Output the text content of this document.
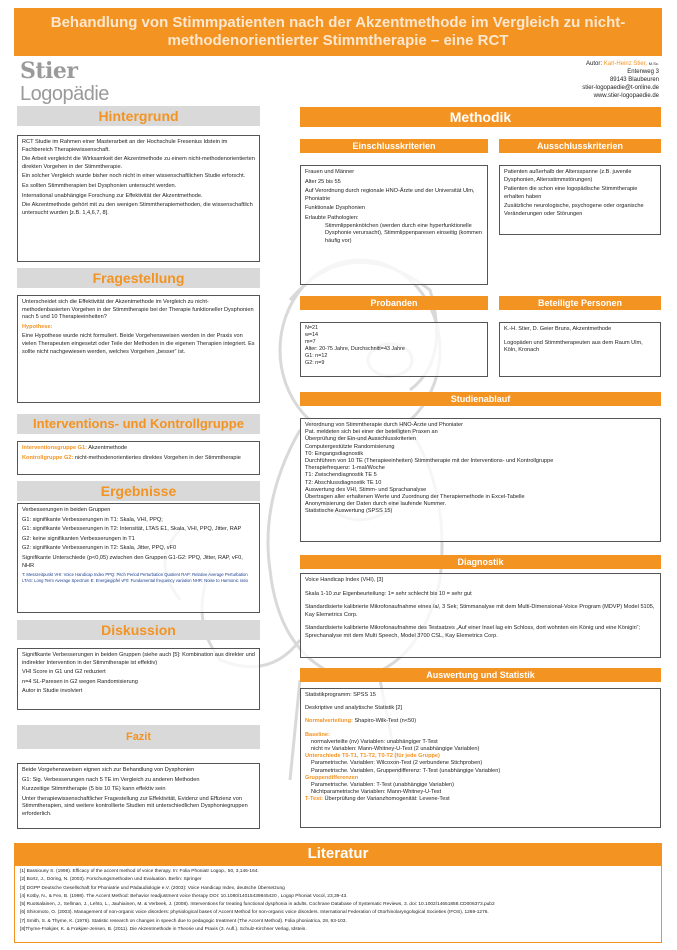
Behandlung von Stimmpatienten nach der Akzentmethode im Vergleich zu nicht-
methodenorientierter Stimmtherapie – eine RCT
Stier
Logopädie
Autor: Karl-Heinz Stier, M.Sc.
Entenweg 3
89143 Blaubeuren
stier-logopaedie@t-online.de
www.stier-logopaedie.de
Hintergrund

RCT Studie im Rahmen einer Masterarbeit an der Hochschule Fresenius Idstein im Fachbereich Therapiewissenschaft.

Die Arbeit vergleicht die Wirksamkeit der Akzentmethode zu einem nicht-methodenorientierten direkten Vorgehen in der Stimmtherapie.

Ein solcher Vergleich wurde bisher noch nicht in einer wissenschaftlichen Studie erforscht.

Es sollten Stimmtherapien bei Dysphonien untersucht werden.

International unabhängige Forschung zur Effektivität der Akzentmethode.

Die Akzentmethode gehört mit zu den wenigen Stimmtherapiemethoden, die wissenschaftlich untersucht wurden [z.B. 1,4,6,7, 8].

Fragestellung

Unterscheidet sich die Effektivität der Akzentmethode im Vergleich zu nicht-methodenbasierten Vorgehen in der Stimmtherapie bei der Therapie funktioneller Dysphonien nach 5 und 10 Therapieeinheiten?

Hypothese:

Eine Hypothese wurde nicht formuliert. Beide Vorgehensweisen werden in der Praxis von vielen Therapeuten eingesetzt oder Teile der Methoden in die eigenen Therapien integriert. Es sollte nicht nachgewiesen werden, welches Vorgehen „besser“ ist.

Interventions- und Kontrollgruppe

Interventionsgruppe G1: Akzentmethode

Kontrollgruppe G2: nicht-methodenorientiertes direktes Vorgehen in der Stimmtherapie

Ergebnisse

Verbesserungen in beiden Gruppen

G1: signifikante Verbesserungen in T1: Skala, VHI, PPQ;

G1: signifikante Verbesserungen in T2: Intensität, LTAS E1, Skala, VHI, PPQ, Jitter, RAP

G2: keine signifikanten Verbesserungen in T1

G2: signifikante Verbesserungen in T2: Skala, Jitter, PPQ, vF0

Signifikante Unterschiede (p<0,05) zwischen den Gruppen G1-G2: PPQ, Jitter, RAP, vF0, NHR

T: Messzeitpunkt VHI: Voice Handicap Index PPQ: Pitch Period Perturbation Quotient RAP: Relative Average Perturbation LTAS: Long Term Average Spectrum E: Energiegipfel vF0: Fundamental frequency variation NHR: Noise to Harmonic ratio

Diskussion

Signifikante Verbesserungen in beiden Gruppen (siehe auch [5]: Kombination aus direkter und indirekter Intervention in der Stimmtherapie ist effektiv)

VHI Score in G1 und G2 reduziert

n=4 SL-Paresen in G2 wegen Randomisierung

Autor in Studie involviert

Fazit

Beide Vorgehensweisen eignen sich zur Behandlung von Dysphonien

G1: Sig. Verbesserungen nach 5 TE im Vergleich zu anderen Methoden

Kurzzeitige Stimmtherapie (5 bis 10 TE) kann effektiv sein

Unter therapiewissenschaftlicher Fragestellung zur Effektivität, Evidenz und Effizienz von Stimmtherapien, sind weitere kontrollierte Studien mit unterschiedlichen Dysphoniegruppen erforderlich.

Methodik
Einschlusskriterien

Frauen und Männer

Alter 25 bis 55

Auf Verordnung durch regionale HNO-Ärzte und der Universität Ulm, Phoniatrie

Funktionale Dysphonien

Erlaubte Pathologien:

Stimmlippenknötchen (werden durch eine hyperfunktionelle Dysphonie verursacht), Stimmlippenparesen einseitig (kommen häufig vor)

Ausschlusskriterien

Patienten außerhalb der Altersspanne (z.B. juvenile Dysphonien, Altersstimmstörungen)

Patienten die schon eine logopädische Stimmtherapie erhalten haben

Zusätzliche neurologische, psychogene oder organische Veränderungen oder Störungen

Probanden
N=21
w=14
m=7
Alter: 20-75 Jahre, Durchschnitt=43 Jahre
G1: n=12
G2: n=9
Beteiligte Personen

K.-H. Stier, D. Geier Bruns, Akzentmethode

Logopäden und Stimmtherapeuten aus dem Raum Ulm, Köln, Kronach

Studienablauf
Verordnung von Stimmtherapie durch HNO-Ärzte und Phoniater
Pat. meldeten sich bei einer der beteiligten Praxen an
Überprüfung der Ein-und Ausschlusskriterien
Computergestützte Randomisierung
T0: Eingangsdiagnostik
Durchführen von 10 TE (Therapieeinheiten) Stimmtherapie mit der Interventions- und Kontrollgruppe
Therapiefrequenz: 1-mal/Woche
T1: Zwischendiagnostik TE 5
T2: Abschlussdiagnostik TE 10
Auswertung des VHI, Stimm- und Sprachanalyse
Übertragen aller erhaltenen Werte und Zuordnung der Therapiemethode in Excel-Tabelle
Anonymisierung der Daten durch eine laufende Nummer.
Statistische Auswertung (SPSS 15)
Diagnostik

Voice Handicap Index (VHI), [3]

Skala 1-10 zur Eigenbeurteilung: 1= sehr schlecht bis 10 = sehr gut

Standardisierte kalibrierte Mikrofonaufnahme eines /a/, 3 Sek; Stimmanalyse mit dem Multi-Dimensional-Voice Program (MDVP) Model 5105, Kay Elemetrics Corp.

Standardisierte kalibrierte Mikrofonaufnahme des Testsatzes „Auf einer Insel lag ein Schloss, dort wohnten ein König und eine Königin“; Sprechanalyse mit dem Multi Speech, Model 3700 CSL, Kay Elemetrics Corp.

Auswertung und Statistik

Statistikprogramm: SPSS 15

Deskriptive und analytische Statistik [2]

Normalverteilung: Shapiro-Wilk-Test (n<50)

Baseline:
normalverteilte (nv) Variablen: unabhängiger T-Test
nicht nv Variablen: Mann-Whitney-U-Test (2 unabhängige Variablen)
Unterschiede T0-T1, T1-T2, T0-T2 (für jede Gruppe)
Parametrische. Variablen: Wilcoxon-Test (2 verbundene Stichproben)
Parametrische. Variablen, Gruppendifferenz: T-Test (unabhängige Variablen)
Gruppendifferenzen
Parametrische. Variablen: T-Test (unabhängige Variablen)
Nichtparametrische Variablen: Mann-Whitney-U-Test
T-Test: Überprüfung der Varianzhomogenität: Levene-Test
Literatur
[1] Bassiouny S. (1998). Efficacy of the accent method of voice therapy. In: Folia Phoniatr Logop., 50, 3,146-164.
[2] Bortz, J., Döring, N. (2003). Forschungsmethoden und Evaluation. Berlin: Springer
[3] DGPP Deutsche Gesellschaft für Phoniatrie und Pädaudiologie e.V. (2003): Voice Handicap Index, deutsche Übersetzung
[4] Kotby, N., & Fex, B. (1998). The Accent Method: Behavior readjustment voice therapy DOI: 10.1080/14015439845420 , Logop Phoniat Vocol, 23,39-43.
[5] Ruotsalainen, J., Sellman, J., Lehto, L., Jauhiainen, M. & Verbeek, J. (2008). Interventions for treating functional dysphonia in adults. Cochrane Database of Systematic Reviews, 3. doi: 10.1002/14651858.CD006373.pub2
[6] Shiromoto, O. (2003). Management of non-organic voice disorders: physiological bases of Accent Method for non-organic voice disorders. International Federation of Otorhinolaryngological Societies (IFOS), 1269-1276.
[7] Smith, S. & Thyme, K. (1976). Statistic research on changes in speech due to pedagogic treatment (The Accent Method). Folia phoniatrica, 28, 93-103.
[8]Thyme-Frøkjær, K. & Frøkjær-Jensen, B. (2011). Die Akzentmethode in Theorie und Praxis (3. Aufl.). Schulz-Kirchner Verlag, Idstein.
